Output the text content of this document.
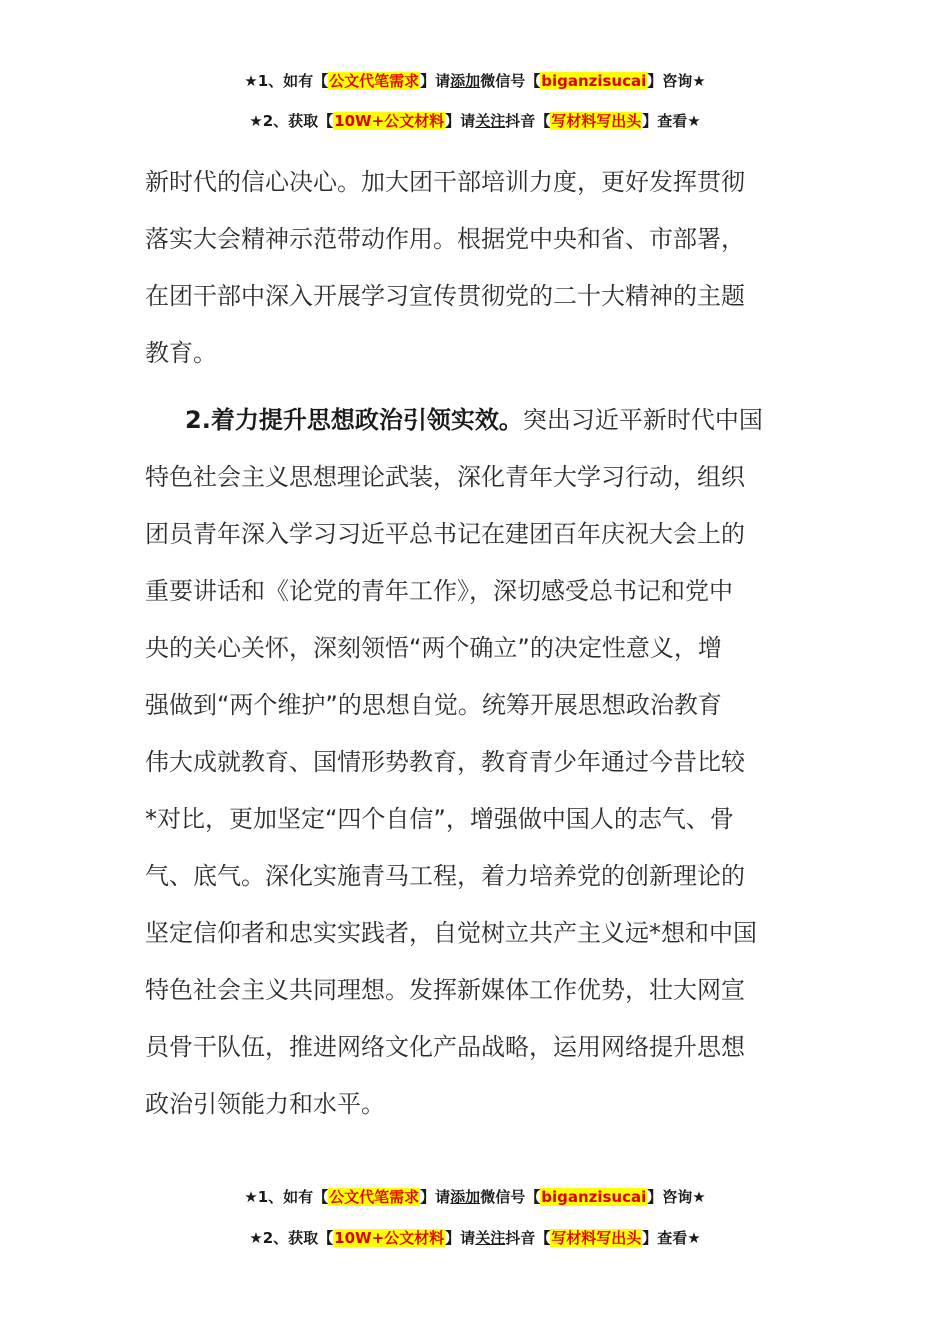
★1、如有【公文代笔需求】请添加微信号【biganzisucai】咨询★
★2、获取【10W+公文材料】请关注抖音【写材料写出头】查看★
新时代的信心决心。加大团干部培训力度，更好发挥贯彻
落实大会精神示范带动作用。根据党中央和省、市部署，
在团干部中深入开展学习宣传贯彻党的二十大精神的主题
教育。
2.着力提升思想政治引领实效。突出习近平新时代中国
特色社会主义思想理论武装，深化青年大学习行动，组织
团员青年深入学习习近平总书记在建团百年庆祝大会上的
重要讲话和《论党的青年工作》，深切感受总书记和党中
央的关心关怀，深刻领悟“两个确立”的决定性意义，增
强做到“两个维护”的思想自觉。统筹开展思想政治教育
伟大成就教育、国情形势教育，教育青少年通过今昔比较
*对比，更加坚定“四个自信”，增强做中国人的志气、骨
气、底气。深化实施青马工程，着力培养党的创新理论的
坚定信仰者和忠实实践者，自觉树立共产主义远*想和中国
特色社会主义共同理想。发挥新媒体工作优势，壮大网宣
员骨干队伍，推进网络文化产品战略，运用网络提升思想
政治引领能力和水平。
★1、如有【公文代笔需求】请添加微信号【biganzisucai】咨询★
★2、获取【10W+公文材料】请关注抖音【写材料写出头】查看★
